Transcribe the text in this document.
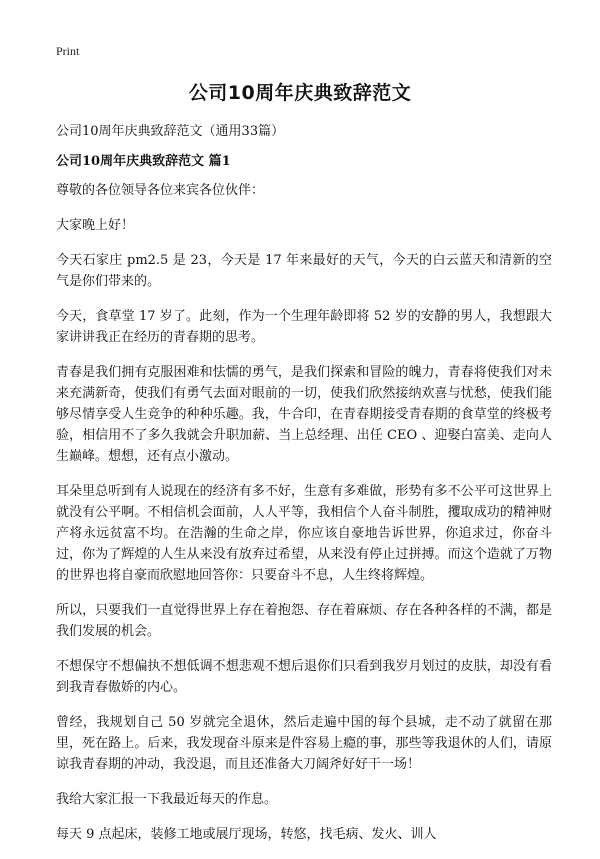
Print
公司10周年庆典致辞范文
公司10周年庆典致辞范文（通用33篇）
公司10周年庆典致辞范文 篇1

尊敬的各位领导各位来宾各位伙伴：

大家晚上好！

今天石家庄 pm2.5 是 23，今天是 17 年来最好的天气，今天的白云蓝天和清新的空气是你们带来的。

今天，食草堂 17 岁了。此刻，作为一个生理年龄即将 52 岁的安静的男人，我想跟大家讲讲我正在经历的青春期的思考。

青春是我们拥有克服困难和怯懦的勇气，是我们探索和冒险的魄力，青春将使我们对未来充满新奇，使我们有勇气去面对眼前的一切，使我们欣然接纳欢喜与忧愁，使我们能够尽情享受人生竞争的种种乐趣。我，牛合印，在青春期接受青春期的食草堂的终极考验，相信用不了多久我就会升职加薪、当上总经理、出任 CEO 、迎娶白富美、走向人生巅峰。想想，还有点小激动。

耳朵里总听到有人说现在的经济有多不好，生意有多难做，形势有多不公平可这世界上就没有公平啊。不相信机会面前，人人平等，我相信个人奋斗制胜，攫取成功的精神财产将永远贫富不均。在浩瀚的生命之岸，你应该自豪地告诉世界，你追求过，你奋斗过，你为了辉煌的人生从来没有放弃过希望，从来没有停止过拼搏。而这个造就了万物的世界也将自豪而欣慰地回答你：只要奋斗不息，人生终将辉煌。

所以，只要我们一直觉得世界上存在着抱怨、存在着麻烦、存在各种各样的不满，都是我们发展的机会。

不想保守不想偏执不想低调不想悲观不想后退你们只看到我岁月划过的皮肤，却没有看到我青春傲娇的内心。

曾经，我规划自己 50 岁就完全退休，然后走遍中国的每个县城，走不动了就留在那里，死在路上。后来，我发现奋斗原来是件容易上瘾的事，那些等我退休的人们，请原谅我青春期的冲动，我没退，而且还准备大刀阔斧好好干一场！

我给大家汇报一下我最近每天的作息。

每天 9 点起床，装修工地或展厅现场，转悠，找毛病、发火、训人
